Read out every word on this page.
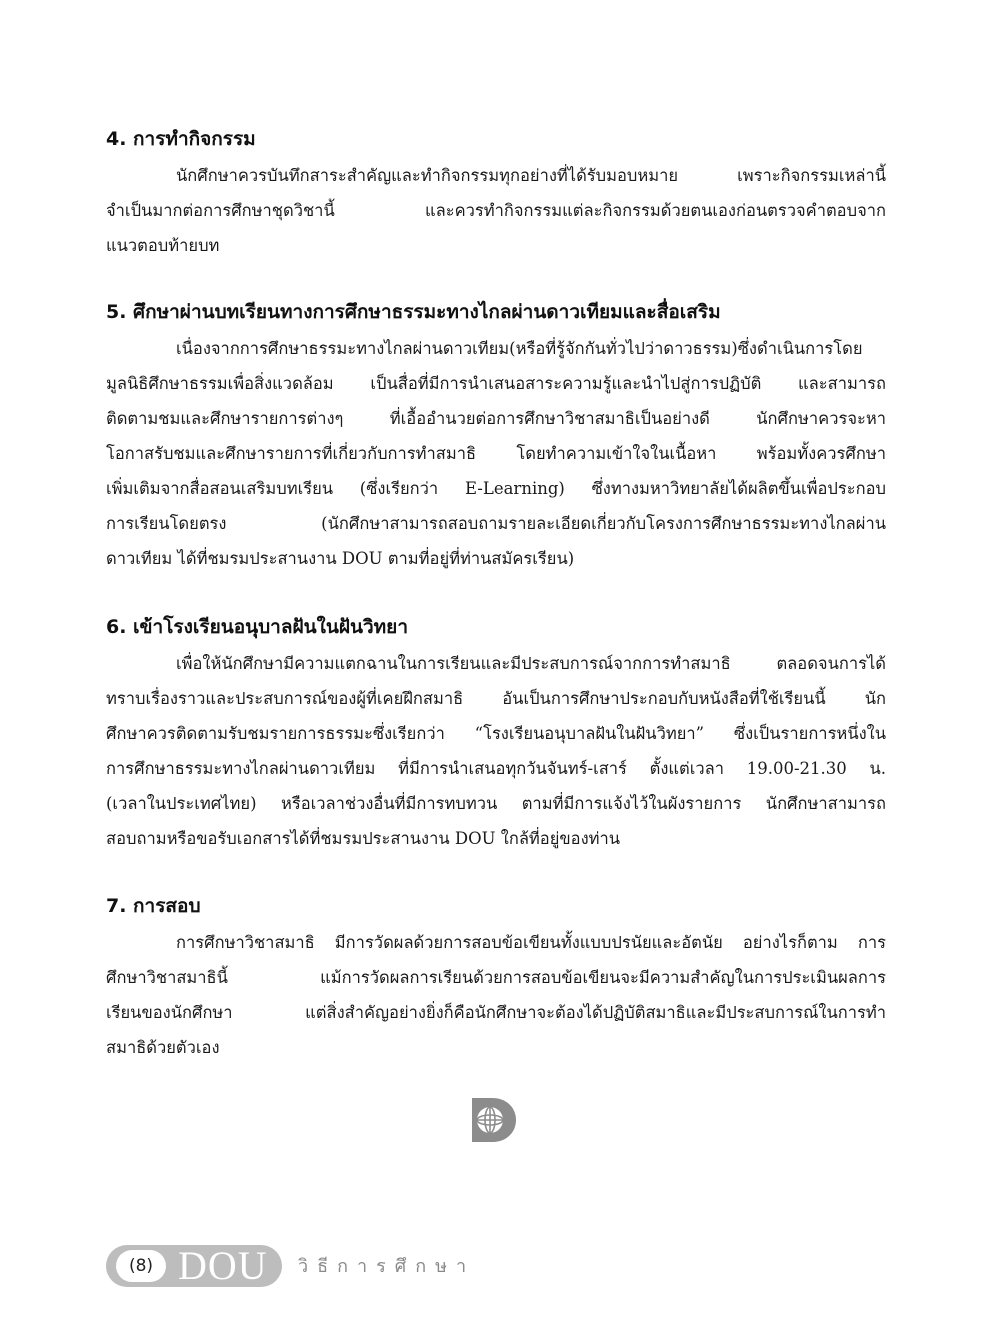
4. การทำกิจกรรม
นักศึกษาควรบันทึกสาระสำคัญและทำกิจกรรมทุกอย่างที่ได้รับมอบหมาย เพราะกิจกรรมเหล่านี้
จำเป็นมากต่อการศึกษาชุดวิชานี้ และควรทำกิจกรรมแต่ละกิจกรรมด้วยตนเองก่อนตรวจคำตอบจาก
แนวตอบท้ายบท
5. ศึกษาผ่านบทเรียนทางการศึกษาธรรมะทางไกลผ่านดาวเทียมและสื่อเสริม
เนื่องจากการศึกษาธรรมะทางไกลผ่านดาวเทียม(หรือที่รู้จักกันทั่วไปว่าดาวธรรม)ซึ่งดำเนินการโดย
มูลนิธิศึกษาธรรมเพื่อสิ่งแวดล้อม เป็นสื่อที่มีการนำเสนอสาระความรู้และนำไปสู่การปฏิบัติ และสามารถ
ติดตามชมและศึกษารายการต่างๆ ที่เอื้ออำนวยต่อการศึกษาวิชาสมาธิเป็นอย่างดี นักศึกษาควรจะหา
โอกาสรับชมและศึกษารายการที่เกี่ยวกับการทำสมาธิ โดยทำความเข้าใจในเนื้อหา พร้อมทั้งควรศึกษา
เพิ่มเติมจากสื่อสอนเสริมบทเรียน (ซึ่งเรียกว่า E-Learning) ซึ่งทางมหาวิทยาลัยได้ผลิตขึ้นเพื่อประกอบ
การเรียนโดยตรง (นักศึกษาสามารถสอบถามรายละเอียดเกี่ยวกับโครงการศึกษาธรรมะทางไกลผ่าน
ดาวเทียม ได้ที่ชมรมประสานงาน DOU ตามที่อยู่ที่ท่านสมัครเรียน)
6. เข้าโรงเรียนอนุบาลฝันในฝันวิทยา
เพื่อให้นักศึกษามีความแตกฉานในการเรียนและมีประสบการณ์จากการทำสมาธิ ตลอดจนการได้
ทราบเรื่องราวและประสบการณ์ของผู้ที่เคยฝึกสมาธิ อันเป็นการศึกษาประกอบกับหนังสือที่ใช้เรียนนี้ นัก
ศึกษาควรติดตามรับชมรายการธรรมะซึ่งเรียกว่า “โรงเรียนอนุบาลฝันในฝันวิทยา” ซึ่งเป็นรายการหนึ่งใน
การศึกษาธรรมะทางไกลผ่านดาวเทียม ที่มีการนำเสนอทุกวันจันทร์-เสาร์ ตั้งแต่เวลา 19.00-21.30 น.
(เวลาในประเทศไทย) หรือเวลาช่วงอื่นที่มีการทบทวน ตามที่มีการแจ้งไว้ในผังรายการ นักศึกษาสามารถ
สอบถามหรือขอรับเอกสารได้ที่ชมรมประสานงาน DOU ใกล้ที่อยู่ของท่าน
7. การสอบ
การศึกษาวิชาสมาธิ มีการวัดผลด้วยการสอบข้อเขียนทั้งแบบปรนัยและอัตนัย อย่างไรก็ตาม การ
ศึกษาวิชาสมาธินี้ แม้การวัดผลการเรียนด้วยการสอบข้อเขียนจะมีความสำคัญในการประเมินผลการ
เรียนของนักศึกษา แต่สิ่งสำคัญอย่างยิ่งก็คือนักศึกษาจะต้องได้ปฏิบัติสมาธิและมีประสบการณ์ในการทำ
สมาธิด้วยตัวเอง
(8) DOU วิธีการศึกษา
